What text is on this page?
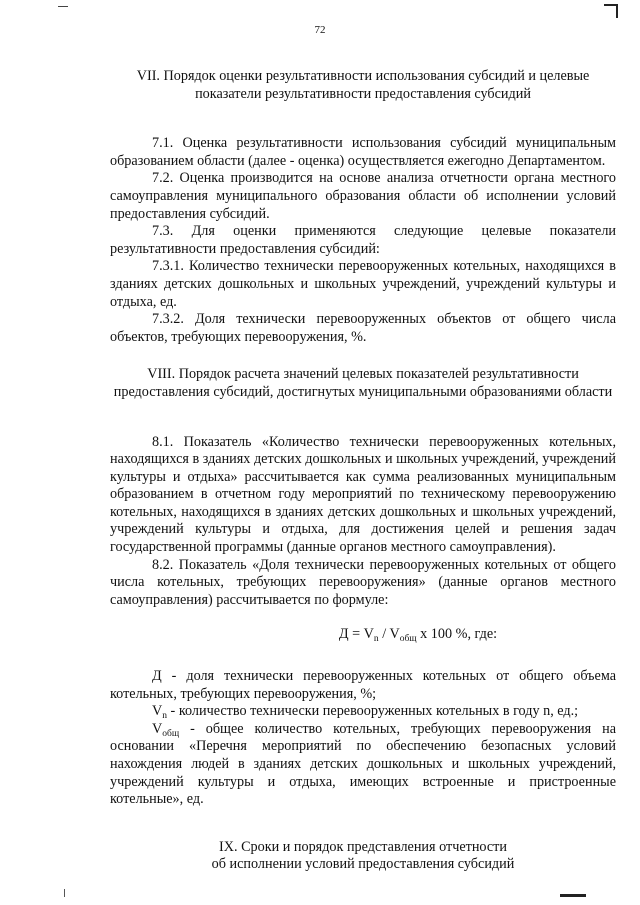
72

VII. Порядок оценки результативности использования субсидий и целевые
показатели результативности предоставления субсидий

7.1. Оценка результативности использования субсидий муниципальным образованием области (далее - оценка) осуществляется ежегодно Департаментом.

7.2. Оценка производится на основе анализа отчетности органа местного самоуправления муниципального образования области об исполнении условий предоставления субсидий.

7.3. Для оценки применяются следующие целевые показатели результативности предоставления субсидий:

7.3.1. Количество технически перевооруженных котельных, находящихся в зданиях детских дошкольных и школьных учреждений, учреждений культуры и отдыха, ед.

7.3.2. Доля технически перевооруженных объектов от общего числа объектов, требующих перевооружения, %.

VIII. Порядок расчета значений целевых показателей результативности
предоставления субсидий, достигнутых муниципальными образованиями области

8.1. Показатель «Количество технически перевооруженных котельных, находящихся в зданиях детских дошкольных и школьных учреждений, учреждений культуры и отдыха» рассчитывается как сумма реализованных муниципальным образованием в отчетном году мероприятий по техническому перевооружению котельных, находящихся в зданиях детских дошкольных и школьных учреждений, учреждений культуры и отдыха, для достижения целей и решения задач государственной программы (данные органов местного самоуправления).

8.2. Показатель «Доля технически перевооруженных котельных от общего числа котельных, требующих перевооружения» (данные органов местного самоуправления) рассчитывается по формуле:

$Д = V_n / V_{общ}$ x 100 %, где:

Д - доля технически перевооруженных котельных от общего объема котельных, требующих перевооружения, %;

$V_n$ - количество технически перевооруженных котельных в году n, ед.;

$V_{общ}$ - общее количество котельных, требующих перевооружения на основании «Перечня мероприятий по обеспечению безопасных условий нахождения людей в зданиях детских дошкольных и школьных учреждений, учреждений культуры и отдыха, имеющих встроенные и пристроенные котельные», ед.

IX. Сроки и порядок представления отчетности
об исполнении условий предоставления субсидий
